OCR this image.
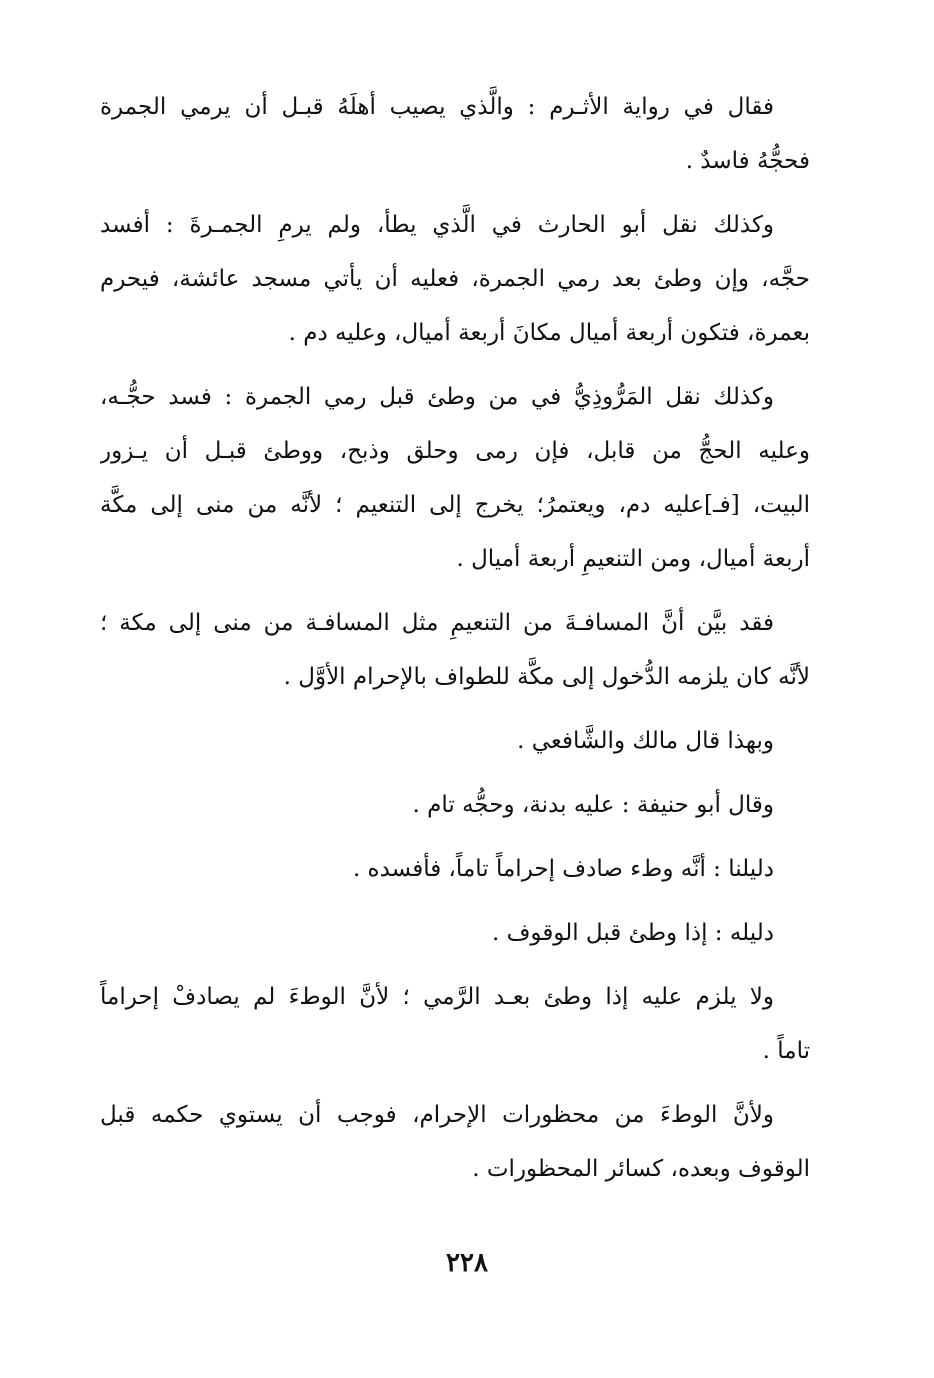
فقال في رواية الأثـرم : والَّذي يصيب أهلَهُ قبـل أن يرمي الجمرة
فحجُّهُ فاسدٌ .
وكذلك نقل أبو الحارث في الَّذي يطأ، ولم يرمِ الجمـرةَ : أفسد
حجَّه، وإن وطئ بعد رمي الجمرة، فعليه أن يأتي مسجد عائشة، فيحرم
بعمرة، فتكون أربعة أميال مكانَ أربعة أميال، وعليه دم .
وكذلك نقل المَرُّوذِيُّ في من وطئ قبل رمي الجمرة : فسد حجُّـه،
وعليه الحجُّ من قابل، فإن رمى وحلق وذبح، ووطئ قبـل أن يـزور
البيت، [فـ]عليه دم، ويعتمرُ؛ يخرج إلى التنعيم ؛ لأنَّه من منى إلى مكَّة
أربعة أميال، ومن التنعيمِ أربعة أميال .
فقد بيَّن أنَّ المسافـةَ من التنعيمِ مثل المسافـة من منى إلى مكة ؛
لأنَّه كان يلزمه الدُّخول إلى مكَّة للطواف بالإحرام الأوَّل .
وبهذا قال مالك والشَّافعي .
وقال أبو حنيفة : عليه بدنة، وحجُّه تام .
دليلنا : أنَّه وطء صادف إحراماً تاماً، فأفسده .
دليله : إذا وطئ قبل الوقوف .
ولا يلزم عليه إذا وطئ بعـد الرَّمي ؛ لأنَّ الوطءَ لم يصادفْ إحراماً
تاماً .
ولأنَّ الوطءَ من محظورات الإحرام، فوجب أن يستوي حكمه قبل
الوقوف وبعده، كسائر المحظورات .
٢٢٨
